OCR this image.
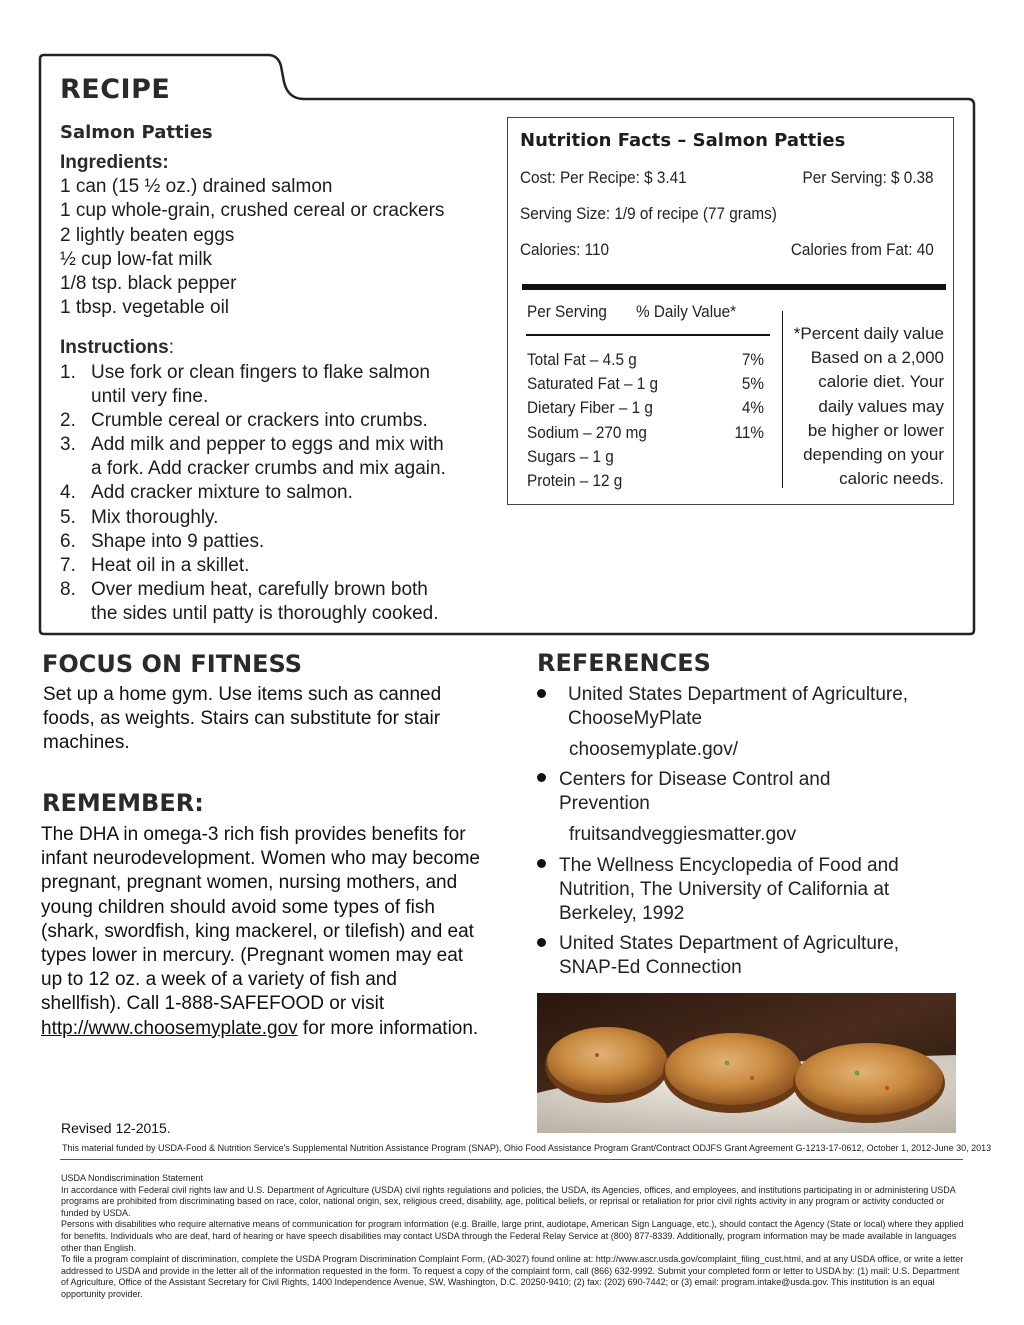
RECIPE
Salmon Patties
Ingredients:
1 can (15 ½ oz.) drained salmon
1 cup whole-grain, crushed cereal or crackers
2 lightly beaten eggs
½ cup low-fat milk
1/8 tsp. black pepper
1 tbsp. vegetable oil
Instructions:
1. Use fork or clean fingers to flake salmon
until very fine.
2. Crumble cereal or crackers into crumbs.
3. Add milk and pepper to eggs and mix with
a fork. Add cracker crumbs and mix again.
4. Add cracker mixture to salmon.
5. Mix thoroughly.
6. Shape into 9 patties.
7. Heat oil in a skillet.
8. Over medium heat, carefully brown both
the sides until patty is thoroughly cooked.
Nutrition Facts – Salmon Patties
Cost: Per Recipe: $ 3.41	Per Serving: $ 0.38
Serving Size: 1/9 of recipe (77 grams)
Calories: 110	Calories from Fat: 40
Per Serving % Daily Value*
*Percent daily value
Based on a 2,000
calorie diet. Your
daily values may
be higher or lower
depending on your
caloric needs.
Total Fat – 4.5 g	7%
Saturated Fat – 1 g	5%
Dietary Fiber – 1 g	4%
Sodium – 270 mg	11%
Sugars – 1 g
Protein – 12 g
FOCUS ON FITNESS
Set up a home gym. Use items such as canned
foods, as weights. Stairs can substitute for stair
machines.
REMEMBER:
The DHA in omega-3 rich fish provides benefits for
infant neurodevelopment. Women who may become
pregnant, pregnant women, nursing mothers, and
young children should avoid some types of fish
(shark, swordfish, king mackerel, or tilefish) and eat
types lower in mercury. (Pregnant women may eat
up to 12 oz. a week of a variety of fish and
shellfish). Call 1-888-SAFEFOOD or visit
http://www.choosemyplate.gov for more information.
REFERENCES
United States Department of Agriculture,
ChooseMyPlate
choosemyplate.gov/
Centers for Disease Control and
Prevention
fruitsandveggiesmatter.gov
The Wellness Encyclopedia of Food and
Nutrition, The University of California at
Berkeley, 1992
United States Department of Agriculture,
SNAP-Ed Connection
Revised 12-2015.
This material funded by USDA-Food & Nutrition Service's Supplemental Nutrition Assistance Program (SNAP), Ohio Food Assistance Program Grant/Contract ODJFS Grant Agreement G-1213-17-0612, October 1, 2012-June 30, 2013

USDA Nondiscrimination Statement

In accordance with Federal civil rights law and U.S. Department of Agriculture (USDA) civil rights regulations and policies, the USDA, its Agencies, offices, and employees, and institutions participating in or administering USDA programs are prohibited from discriminating based on race, color, national origin, sex, religious creed, disability, age, political beliefs, or reprisal or retaliation for prior civil rights activity in any program or activity conducted or funded by USDA.

Persons with disabilities who require alternative means of communication for program information (e.g. Braille, large print, audiotape, American Sign Language, etc.), should contact the Agency (State or local) where they applied for benefits. Individuals who are deaf, hard of hearing or have speech disabilities may contact USDA through the Federal Relay Service at (800) 877-8339. Additionally, program information may be made available in languages other than English.

To file a program complaint of discrimination, complete the USDA Program Discrimination Complaint Form, (AD-3027) found online at: http://www.ascr.usda.gov/complaint_filing_cust.html, and at any USDA office, or write a letter addressed to USDA and provide in the letter all of the information requested in the form. To request a copy of the complaint form, call (866) 632-9992. Submit your completed form or letter to USDA by: (1) mail: U.S. Department of Agriculture, Office of the Assistant Secretary for Civil Rights, 1400 Independence Avenue, SW, Washington, D.C. 20250-9410; (2) fax: (202) 690-7442; or (3) email: program.intake@usda.gov. This institution is an equal opportunity provider.
